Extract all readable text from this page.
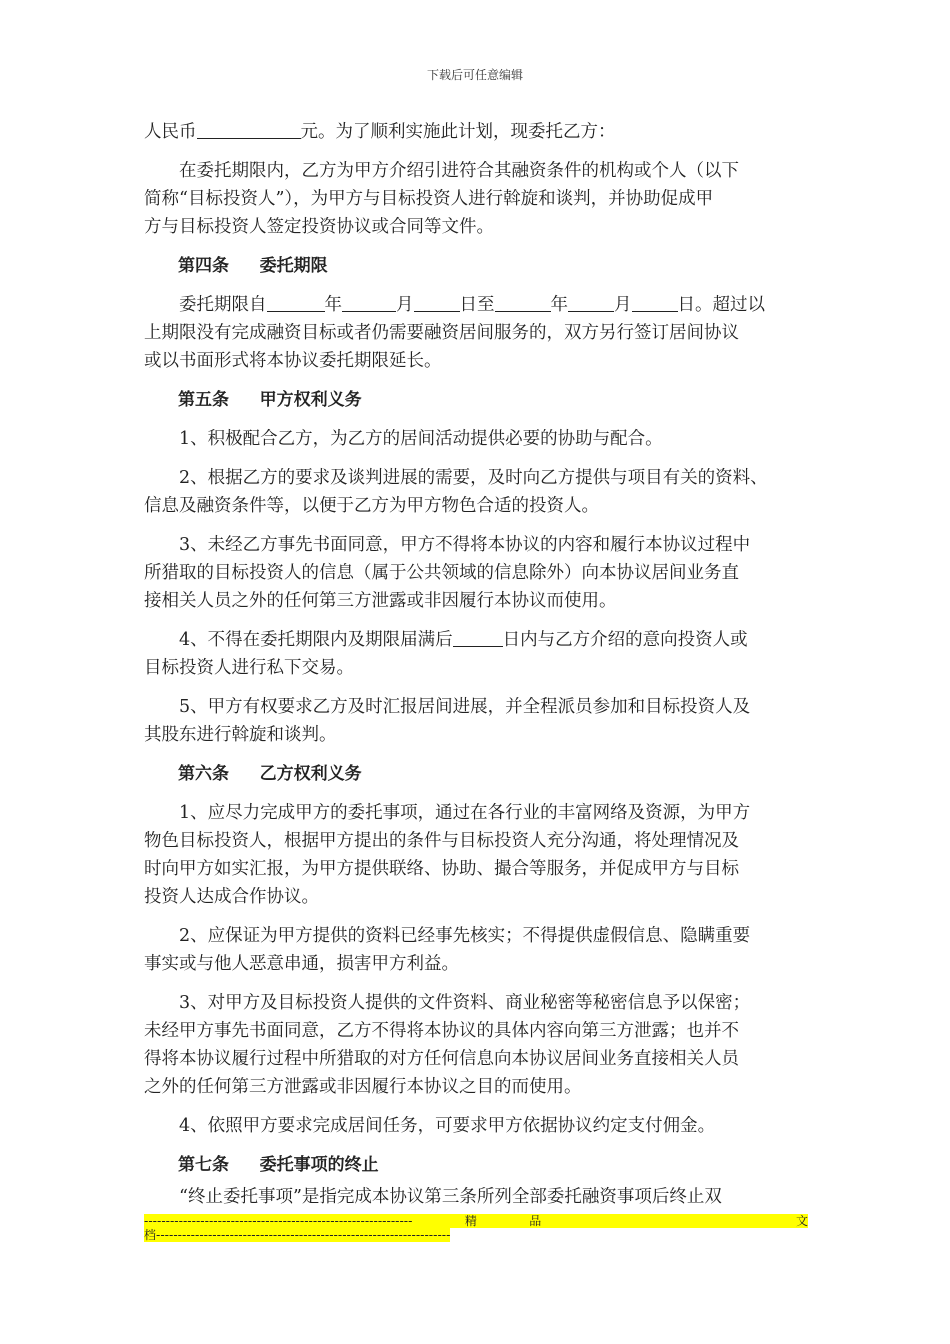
下载后可任意编辑

人民币	元。为了顺利实施此计划，现委托乙方：

在委托期限内，乙方为甲方介绍引进符合其融资条件的机构或个人（以下

简称“目标投资人”），为甲方与目标投资人进行斡旋和谈判，并协助促成甲

方与目标投资人签定投资协议或合同等文件。

第四条 委托期限

委托期限自	年	月	日至	年	月	日。超过以

上期限没有完成融资目标或者仍需要融资居间服务的，双方另行签订居间协议

或以书面形式将本协议委托期限延长。

第五条 甲方权利义务

1、积极配合乙方，为乙方的居间活动提供必要的协助与配合。

2、根据乙方的要求及谈判进展的需要，及时向乙方提供与项目有关的资料、

信息及融资条件等，以便于乙方为甲方物色合适的投资人。

3、未经乙方事先书面同意，甲方不得将本协议的内容和履行本协议过程中

所猎取的目标投资人的信息（属于公共领域的信息除外）向本协议居间业务直

接相关人员之外的任何第三方泄露或非因履行本协议而使用。

4、不得在委托期限内及期限届满后	日内与乙方介绍的意向投资人或

目标投资人进行私下交易。

5、甲方有权要求乙方及时汇报居间进展，并全程派员参加和目标投资人及

其股东进行斡旋和谈判。

第六条 乙方权利义务

1、应尽力完成甲方的委托事项，通过在各行业的丰富网络及资源，为甲方

物色目标投资人，根据甲方提出的条件与目标投资人充分沟通，将处理情况及

时向甲方如实汇报，为甲方提供联络、协助、撮合等服务，并促成甲方与目标

投资人达成合作协议。

2、应保证为甲方提供的资料已经事先核实；不得提供虚假信息、隐瞒重要

事实或与他人恶意串通，损害甲方利益。

3、对甲方及目标投资人提供的文件资料、商业秘密等秘密信息予以保密；

未经甲方事先书面同意，乙方不得将本协议的具体内容向第三方泄露；也并不

得将本协议履行过程中所猎取的对方任何信息向本协议居间业务直接相关人员

之外的任何第三方泄露或非因履行本协议之目的而使用。

4、依照甲方要求完成居间任务，可要求甲方依据协议约定支付佣金。

第七条 委托事项的终止

“终止委托事项”是指完成本协议第三条所列全部委托融资事项后终止双

--------------------------------------------------------------	精	品	文
档--------------------------------------------------------------------
